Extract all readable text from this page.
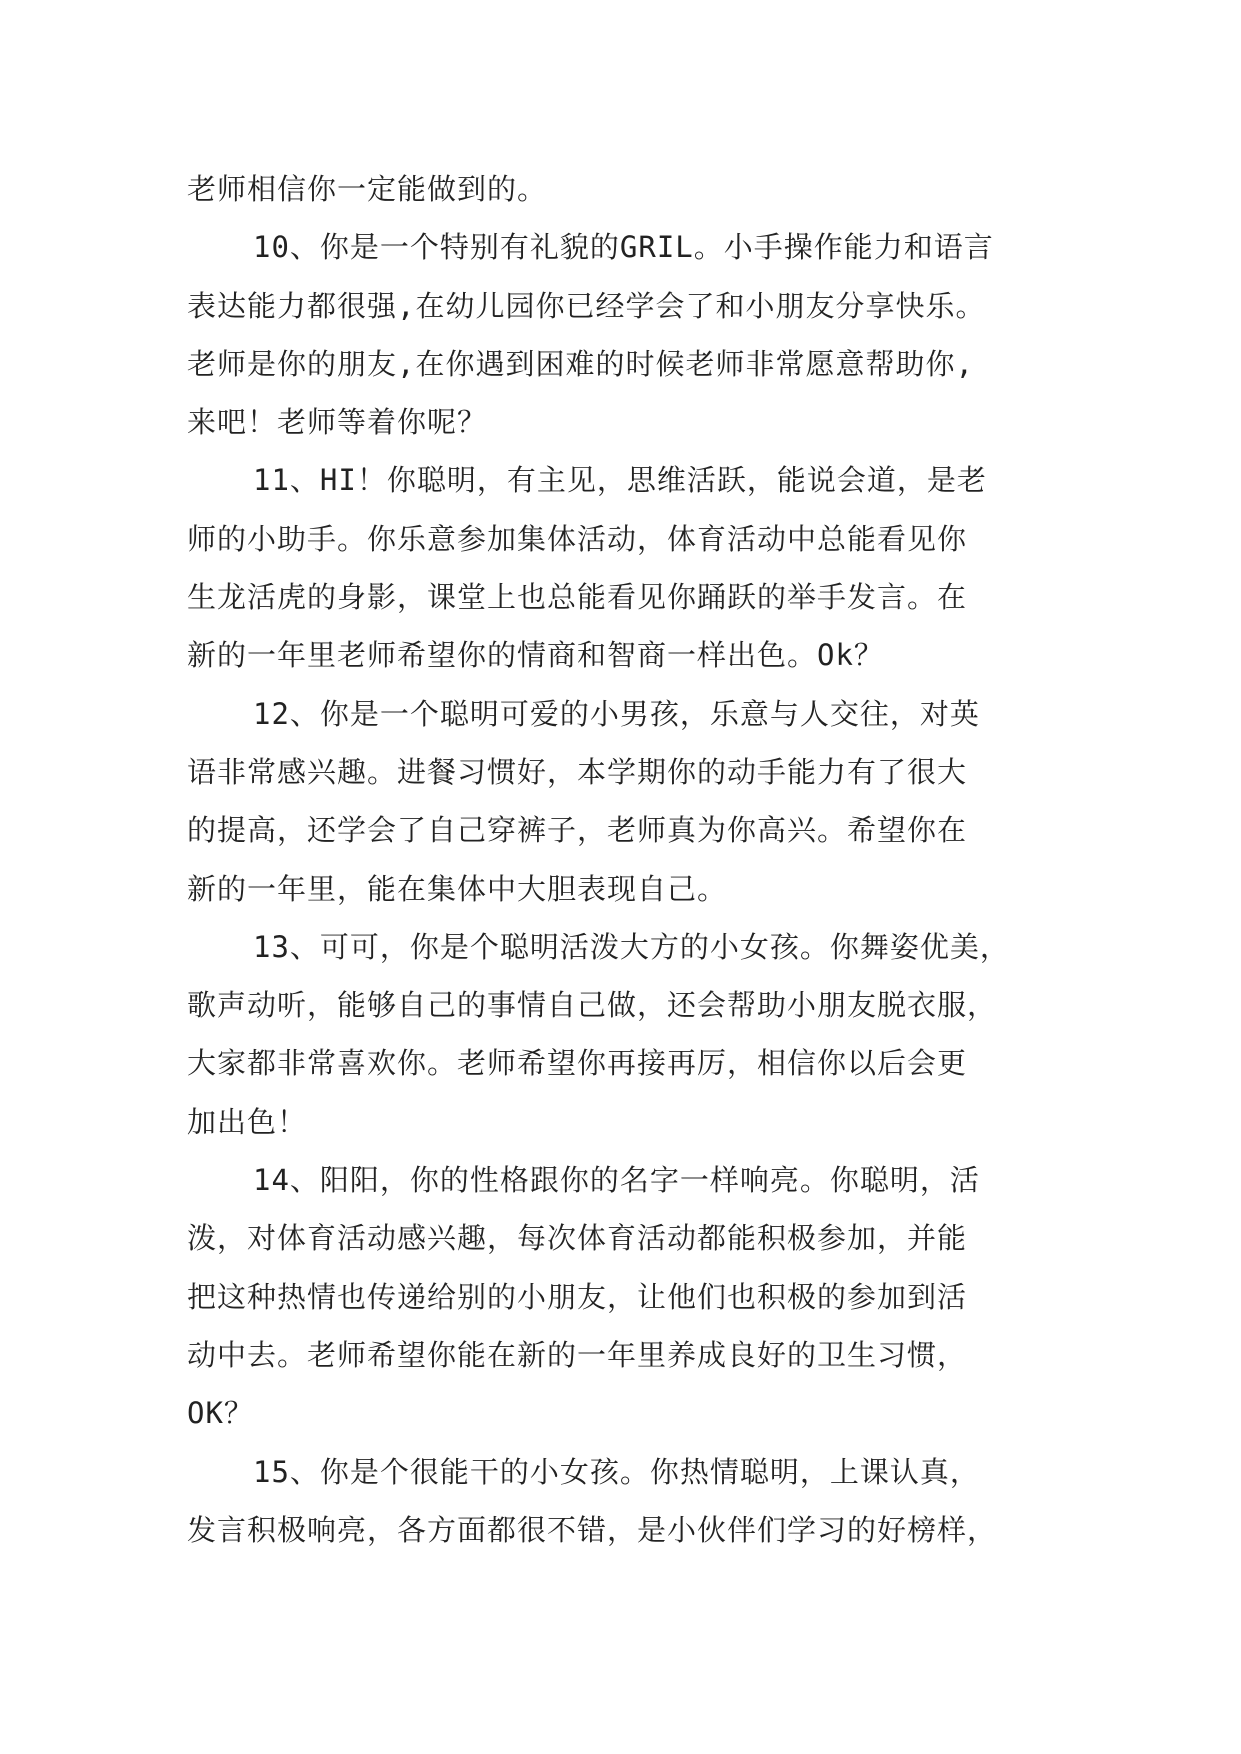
老师相信你一定能做到的。
10、你是一个特别有礼貌的GRIL。小手操作能力和语言
表达能力都很强,在幼儿园你已经学会了和小朋友分享快乐。
老师是你的朋友,在你遇到困难的时候老师非常愿意帮助你,
来吧！老师等着你呢？
11、HI！你聪明，有主见，思维活跃，能说会道，是老
师的小助手。你乐意参加集体活动，体育活动中总能看见你
生龙活虎的身影，课堂上也总能看见你踊跃的举手发言。在
新的一年里老师希望你的情商和智商一样出色。Ok？
12、你是一个聪明可爱的小男孩，乐意与人交往，对英
语非常感兴趣。进餐习惯好，本学期你的动手能力有了很大
的提高，还学会了自己穿裤子，老师真为你高兴。希望你在
新的一年里，能在集体中大胆表现自己。
13、可可，你是个聪明活泼大方的小女孩。你舞姿优美，
歌声动听，能够自己的事情自己做，还会帮助小朋友脱衣服，
大家都非常喜欢你。老师希望你再接再厉，相信你以后会更
加出色！
14、阳阳，你的性格跟你的名字一样响亮。你聪明，活
泼，对体育活动感兴趣，每次体育活动都能积极参加，并能
把这种热情也传递给别的小朋友，让他们也积极的参加到活
动中去。老师希望你能在新的一年里养成良好的卫生习惯，
OK？
15、你是个很能干的小女孩。你热情聪明，上课认真，
发言积极响亮，各方面都很不错，是小伙伴们学习的好榜样，
